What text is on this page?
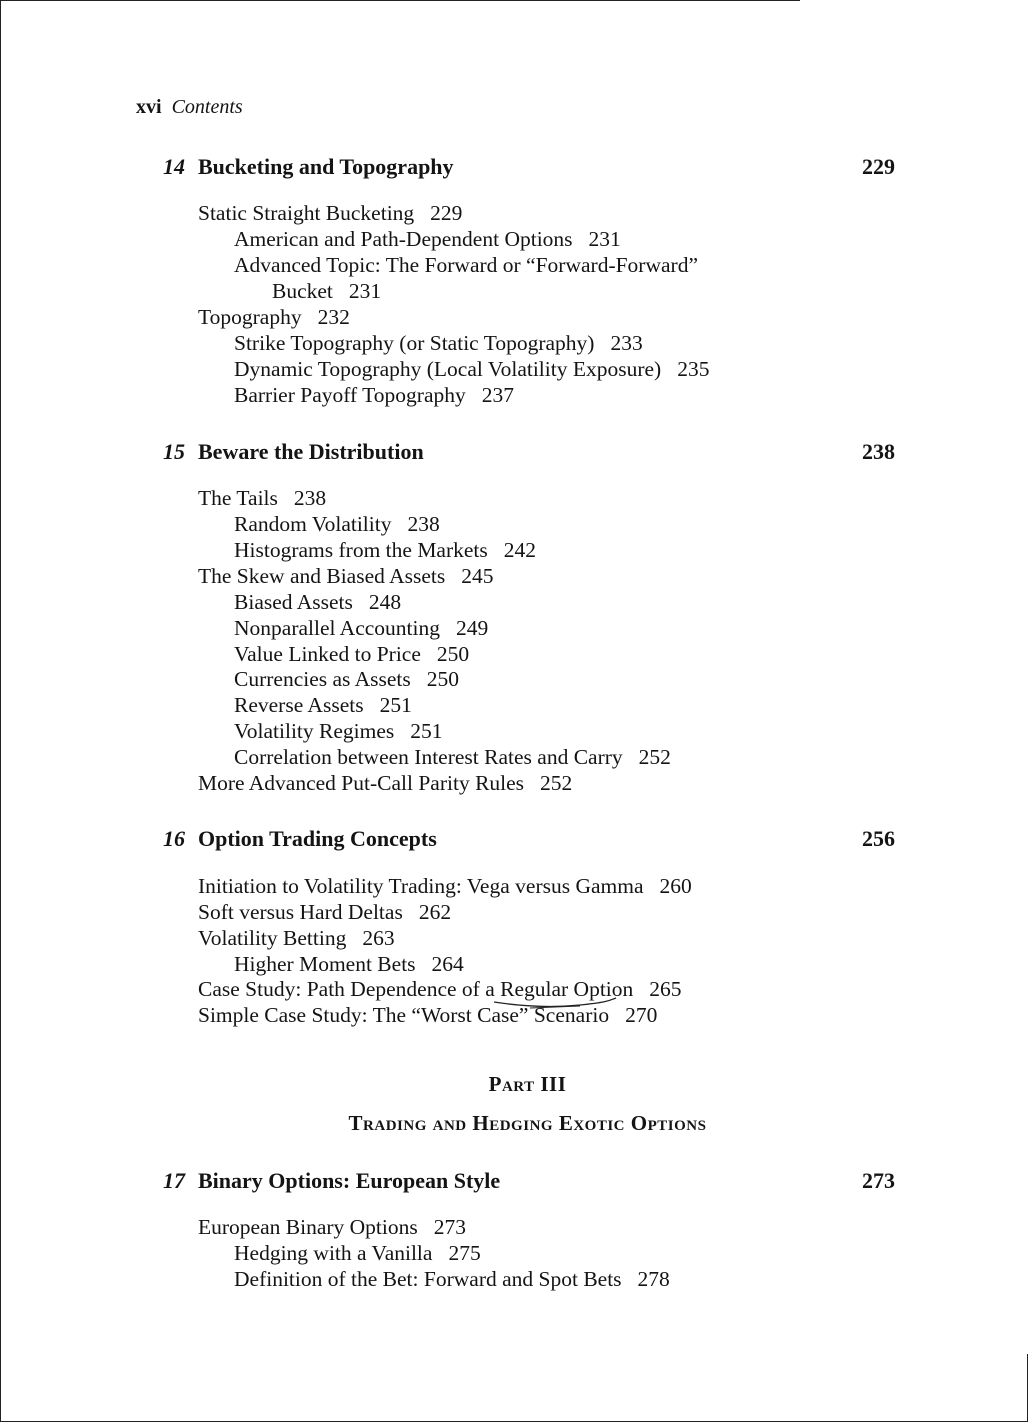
xvi Contents
14 Bucketing and Topography	229
Static Straight Bucketing 229
American and Path-Dependent Options 231
Advanced Topic: The Forward or “Forward-Forward”
Bucket 231
Topography 232
Strike Topography (or Static Topography) 233
Dynamic Topography (Local Volatility Exposure) 235
Barrier Payoff Topography 237
15 Beware the Distribution	238
The Tails 238
Random Volatility 238
Histograms from the Markets 242
The Skew and Biased Assets 245
Biased Assets 248
Nonparallel Accounting 249
Value Linked to Price 250
Currencies as Assets 250
Reverse Assets 251
Volatility Regimes 251
Correlation between Interest Rates and Carry 252
More Advanced Put-Call Parity Rules 252
16 Option Trading Concepts	256
Initiation to Volatility Trading: Vega versus Gamma 260
Soft versus Hard Deltas 262
Volatility Betting 263
Higher Moment Bets 264
Case Study: Path Dependence of a Regular Option 265
Simple Case Study: The “Worst Case” Scenario 270
Part III
Trading and Hedging Exotic Options
17 Binary Options: European Style	273
European Binary Options 273
Hedging with a Vanilla 275
Definition of the Bet: Forward and Spot Bets 278
